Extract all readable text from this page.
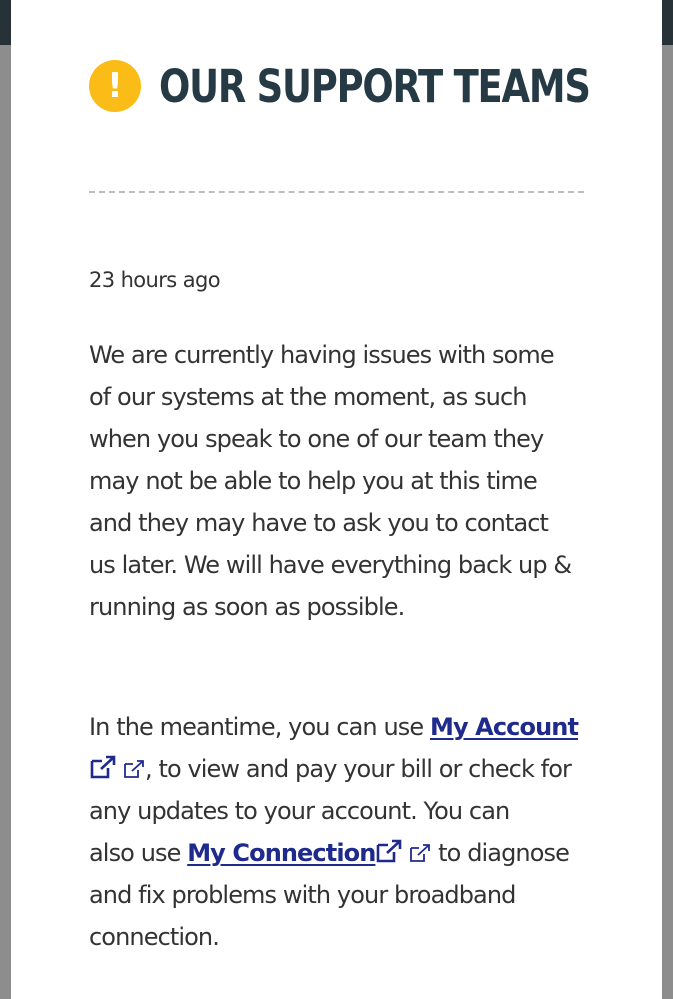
! OUR SUPPORT TEAMS
23 hours ago
We are currently having issues with some
of our systems at the moment, as such
when you speak to one of our team they
may not be able to help you at this time
and they may have to ask you to contact
us later. We will have everything back up &
running as soon as possible.
In the meantime, you can use My Account
, to view and pay your bill or check for
any updates to your account. You can
also use My Connection
to diagnose
and fix problems with your broadband
connection.
